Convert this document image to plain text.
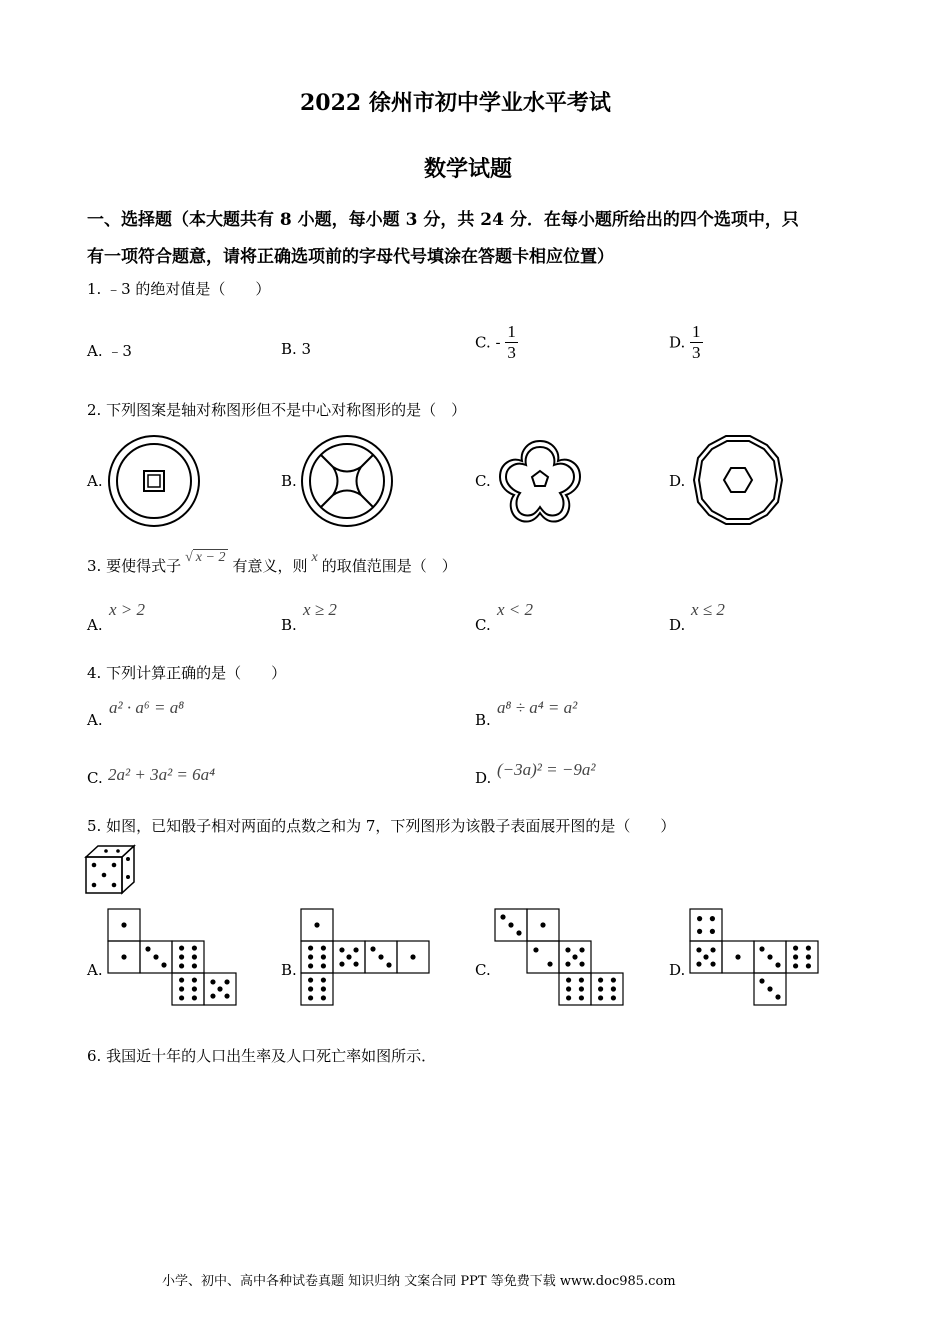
2022 徐州市初中学业水平考试
数学试题
一、选择题（本大题共有 8 小题，每小题 3 分，共 24 分．在每小题所给出的四个选项中，只
有一项符合题意，请将正确选项前的字母代号填涂在答题卡相应位置）
1. ﹣3 的绝对值是（　　）
A. ﹣3	B. 3	C. - $\frac{1}{3}$	D. $\frac{1}{3}$
2. 下列图案是轴对称图形但不是中心对称图形的是（　）
A.	B.	C.	D.
3. 要使得式子 √ x − 2 有意义，则 x 的取值范围是（　）
A.
x > 2
B.
x ≥ 2
C.
x < 2
D.
x ≤ 2
4. 下列计算正确的是（　　）
A.
a² · a⁶ = a⁸
B.
a⁸ ÷ a⁴ = a²
C. 2a² + 3a² = 6a⁴	D. (−3a)² = −9a²
5. 如图，已知骰子相对两面的点数之和为 7，下列图形为该骰子表面展开图的是（　　）
A.	B.	C.	D.
6. 我国近十年的人口出生率及人口死亡率如图所示．
小学、初中、高中各种试卷真题 知识归纳 文案合同 PPT 等免费下载 www.doc985.com
